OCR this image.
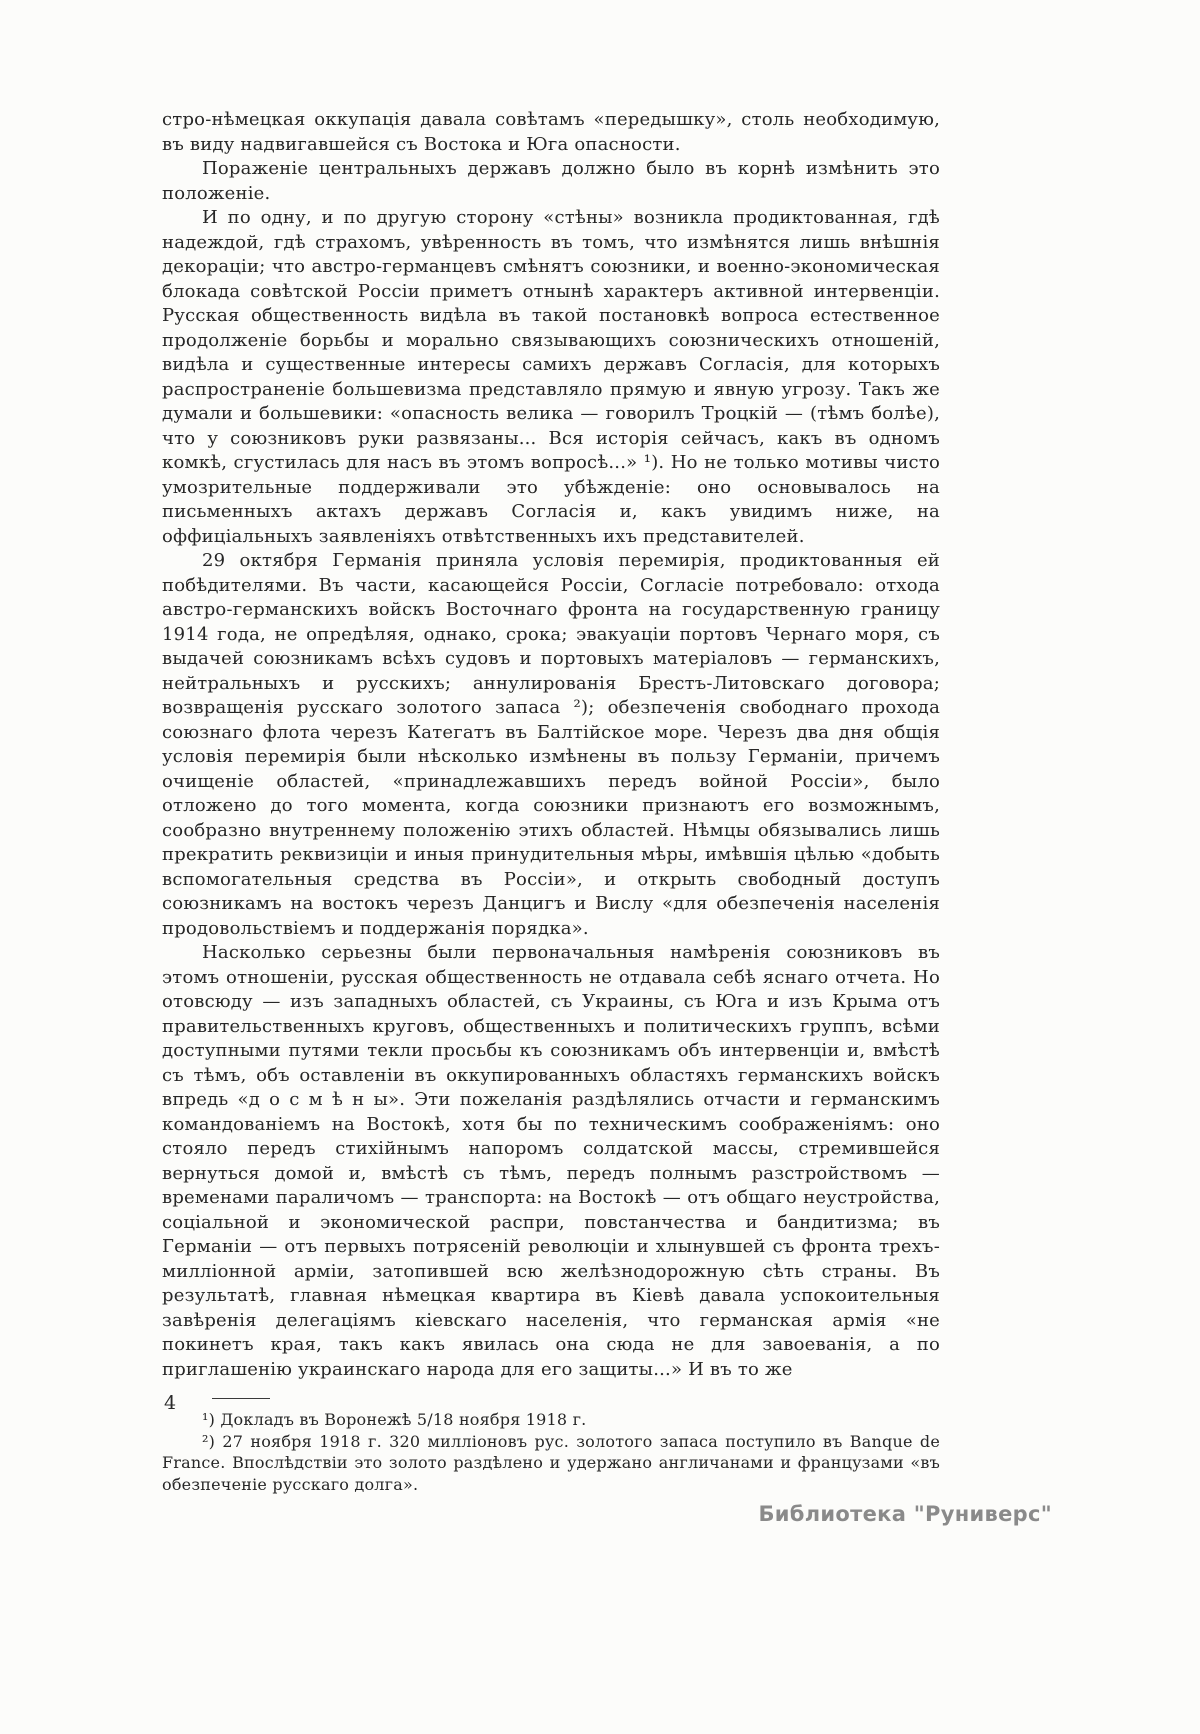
стро-нѣмецкая оккупація давала совѣтамъ «передышку», столь необходимую, въ виду надвигавшейся съ Востока и Юга опасности.

Пораженіе центральныхъ державъ должно было въ корнѣ измѣнить это положеніе.

И по одну, и по другую сторону «стѣны» возникла продиктованная, гдѣ надеждой, гдѣ страхомъ, увѣренность въ томъ, что измѣнятся лишь внѣшнія декораціи; что австро-германцевъ смѣнятъ союзники, и военно-экономическая блокада совѣтской Россіи приметъ отнынѣ характеръ активной интервенціи. Русская общественность видѣла въ такой постановкѣ вопроса естественное продолженіе борьбы и морально связывающихъ союзническихъ отношеній, видѣла и существенные интересы самихъ державъ Согласія, для которыхъ распространеніе большевизма представляло прямую и явную угрозу. Такъ же думали и большевики: «опасность велика — говорилъ Троцкій — (тѣмъ болѣе), что у союзниковъ руки развязаны... Вся исторія сейчасъ, какъ въ одномъ комкѣ, сгустилась для насъ въ этомъ вопросѣ...» ¹). Но не только мотивы чисто умозрительные поддерживали это убѣжденіе: оно основывалось на письменныхъ актахъ державъ Согласія и, какъ увидимъ ниже, на оффиціальныхъ заявленіяхъ отвѣтственныхъ ихъ представителей.

29 октября Германія приняла условія перемирія, продиктованныя ей побѣдителями. Въ части, касающейся Россіи, Согласіе потребовало: отхода австро-германскихъ войскъ Восточнаго фронта на государственную границу 1914 года, не опредѣляя, однако, срока; эвакуаціи портовъ Чернаго моря, съ выдачей союзникамъ всѣхъ судовъ и портовыхъ матеріаловъ — германскихъ, нейтральныхъ и русскихъ; аннулированія Брестъ-Литовскаго договора; возвращенія русскаго золотого запаса ²); обезпеченія свободнаго прохода союзнаго флота черезъ Категатъ въ Балтійское море. Черезъ два дня общія условія перемирія были нѣсколько измѣнены въ пользу Германіи, причемъ очищеніе областей, «принадлежавшихъ передъ войной Россіи», было отложено до того момента, когда союзники признаютъ его возможнымъ, сообразно внутреннему положенію этихъ областей. Нѣмцы обязывались лишь прекратить реквизиціи и иныя принудительныя мѣры, имѣвшія цѣлью «добыть вспомогательныя средства въ Россіи», и открыть свободный доступъ союзникамъ на востокъ черезъ Данцигъ и Вислу «для обезпеченія населенія продовольствіемъ и поддержанія порядка».

Насколько серьезны были первоначальныя намѣренія союзниковъ въ этомъ отношеніи, русская общественность не отдавала себѣ яснаго отчета. Но отовсюду — изъ западныхъ областей, съ Украины, съ Юга и изъ Крыма отъ правительственныхъ круговъ, общественныхъ и политическихъ группъ, всѣми доступными путями текли просьбы къ союзникамъ объ интервенціи и, вмѣстѣ съ тѣмъ, объ оставленіи въ оккупированныхъ областяхъ германскихъ войскъ впредь «д о с м ѣ н ы». Эти пожеланія раздѣлялись отчасти и германскимъ командованіемъ на Востокѣ, хотя бы по техническимъ соображеніямъ: оно стояло передъ стихійнымъ напоромъ солдатской массы, стремившейся вернуться домой и, вмѣстѣ съ тѣмъ, передъ полнымъ разстройствомъ — временами параличомъ — транспорта: на Востокѣ — отъ общаго неустройства, соціальной и экономической распри, повстанчества и бандитизма; въ Германіи — отъ первыхъ потрясеній революціи и хлынувшей съ фронта трехъ-милліонной арміи, затопившей всю желѣзнодорожную сѣть страны. Въ результатѣ, главная нѣмецкая квартира въ Кіевѣ давала успокоительныя завѣренія делегаціямъ кіевскаго населенія, что германская армія «не покинетъ края, такъ какъ явилась она сюда не для завоеванія, а по приглашенію украинскаго народа для его защиты...» И въ то же

¹) Докладъ въ Воронежѣ 5/18 ноября 1918 г.

²) 27 ноября 1918 г. 320 милліоновъ рус. золотого запаса поступило въ Banque de France. Впослѣдствіи это золото раздѣлено и удержано англичанами и французами «въ обезпеченіе русскаго долга».

4
Библиотека "Руниверс"
